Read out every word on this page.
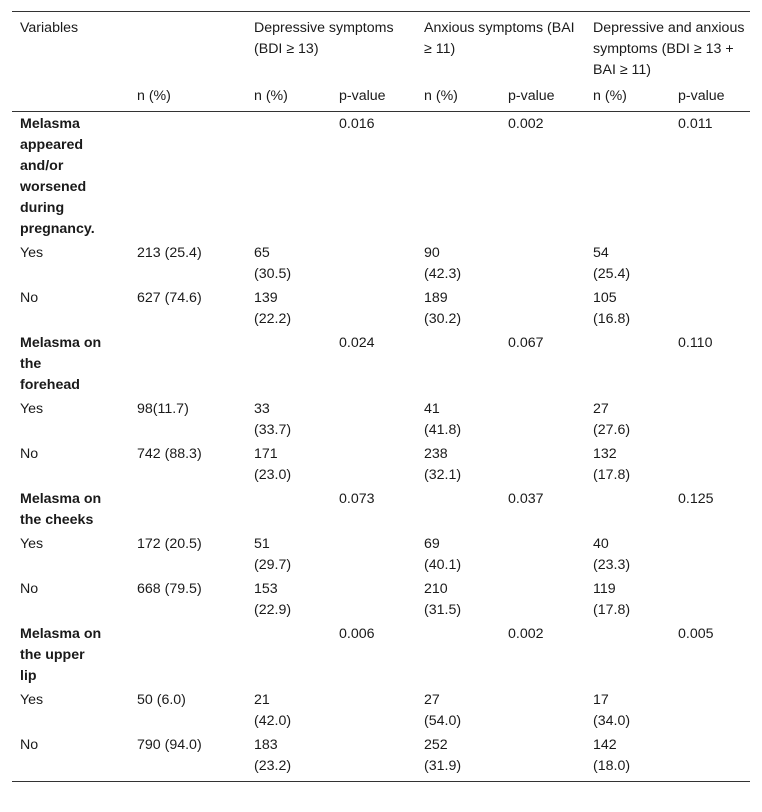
Variables		Depressive symptoms (BDI ≥ 13)		Anxious symptoms (BAI ≥ 11)		Depressive and anxious symptoms (BDI ≥ 13 + BAI ≥ 11)	
	n (%)	n (%)	p-value	n (%)	p-value	n (%)	p-value
Melasma appeared and/or worsened during pregnancy.			0.016		0.002		0.011
Yes	213 (25.4)	65 (30.5)		90 (42.3)		54 (25.4)	
No	627 (74.6)	139 (22.2)		189 (30.2)		105 (16.8)	
Melasma on the forehead			0.024		0.067		0.110
Yes	98(11.7)	33 (33.7)		41 (41.8)		27 (27.6)	
No	742 (88.3)	171 (23.0)		238 (32.1)		132 (17.8)	
Melasma on the cheeks			0.073		0.037		0.125
Yes	172 (20.5)	51 (29.7)		69 (40.1)		40 (23.3)	
No	668 (79.5)	153 (22.9)		210 (31.5)		119 (17.8)	
Melasma on the upper lip			0.006		0.002		0.005
Yes	50 (6.0)	21 (42.0)		27 (54.0)		17 (34.0)	
No	790 (94.0)	183 (23.2)		252 (31.9)		142 (18.0)	
